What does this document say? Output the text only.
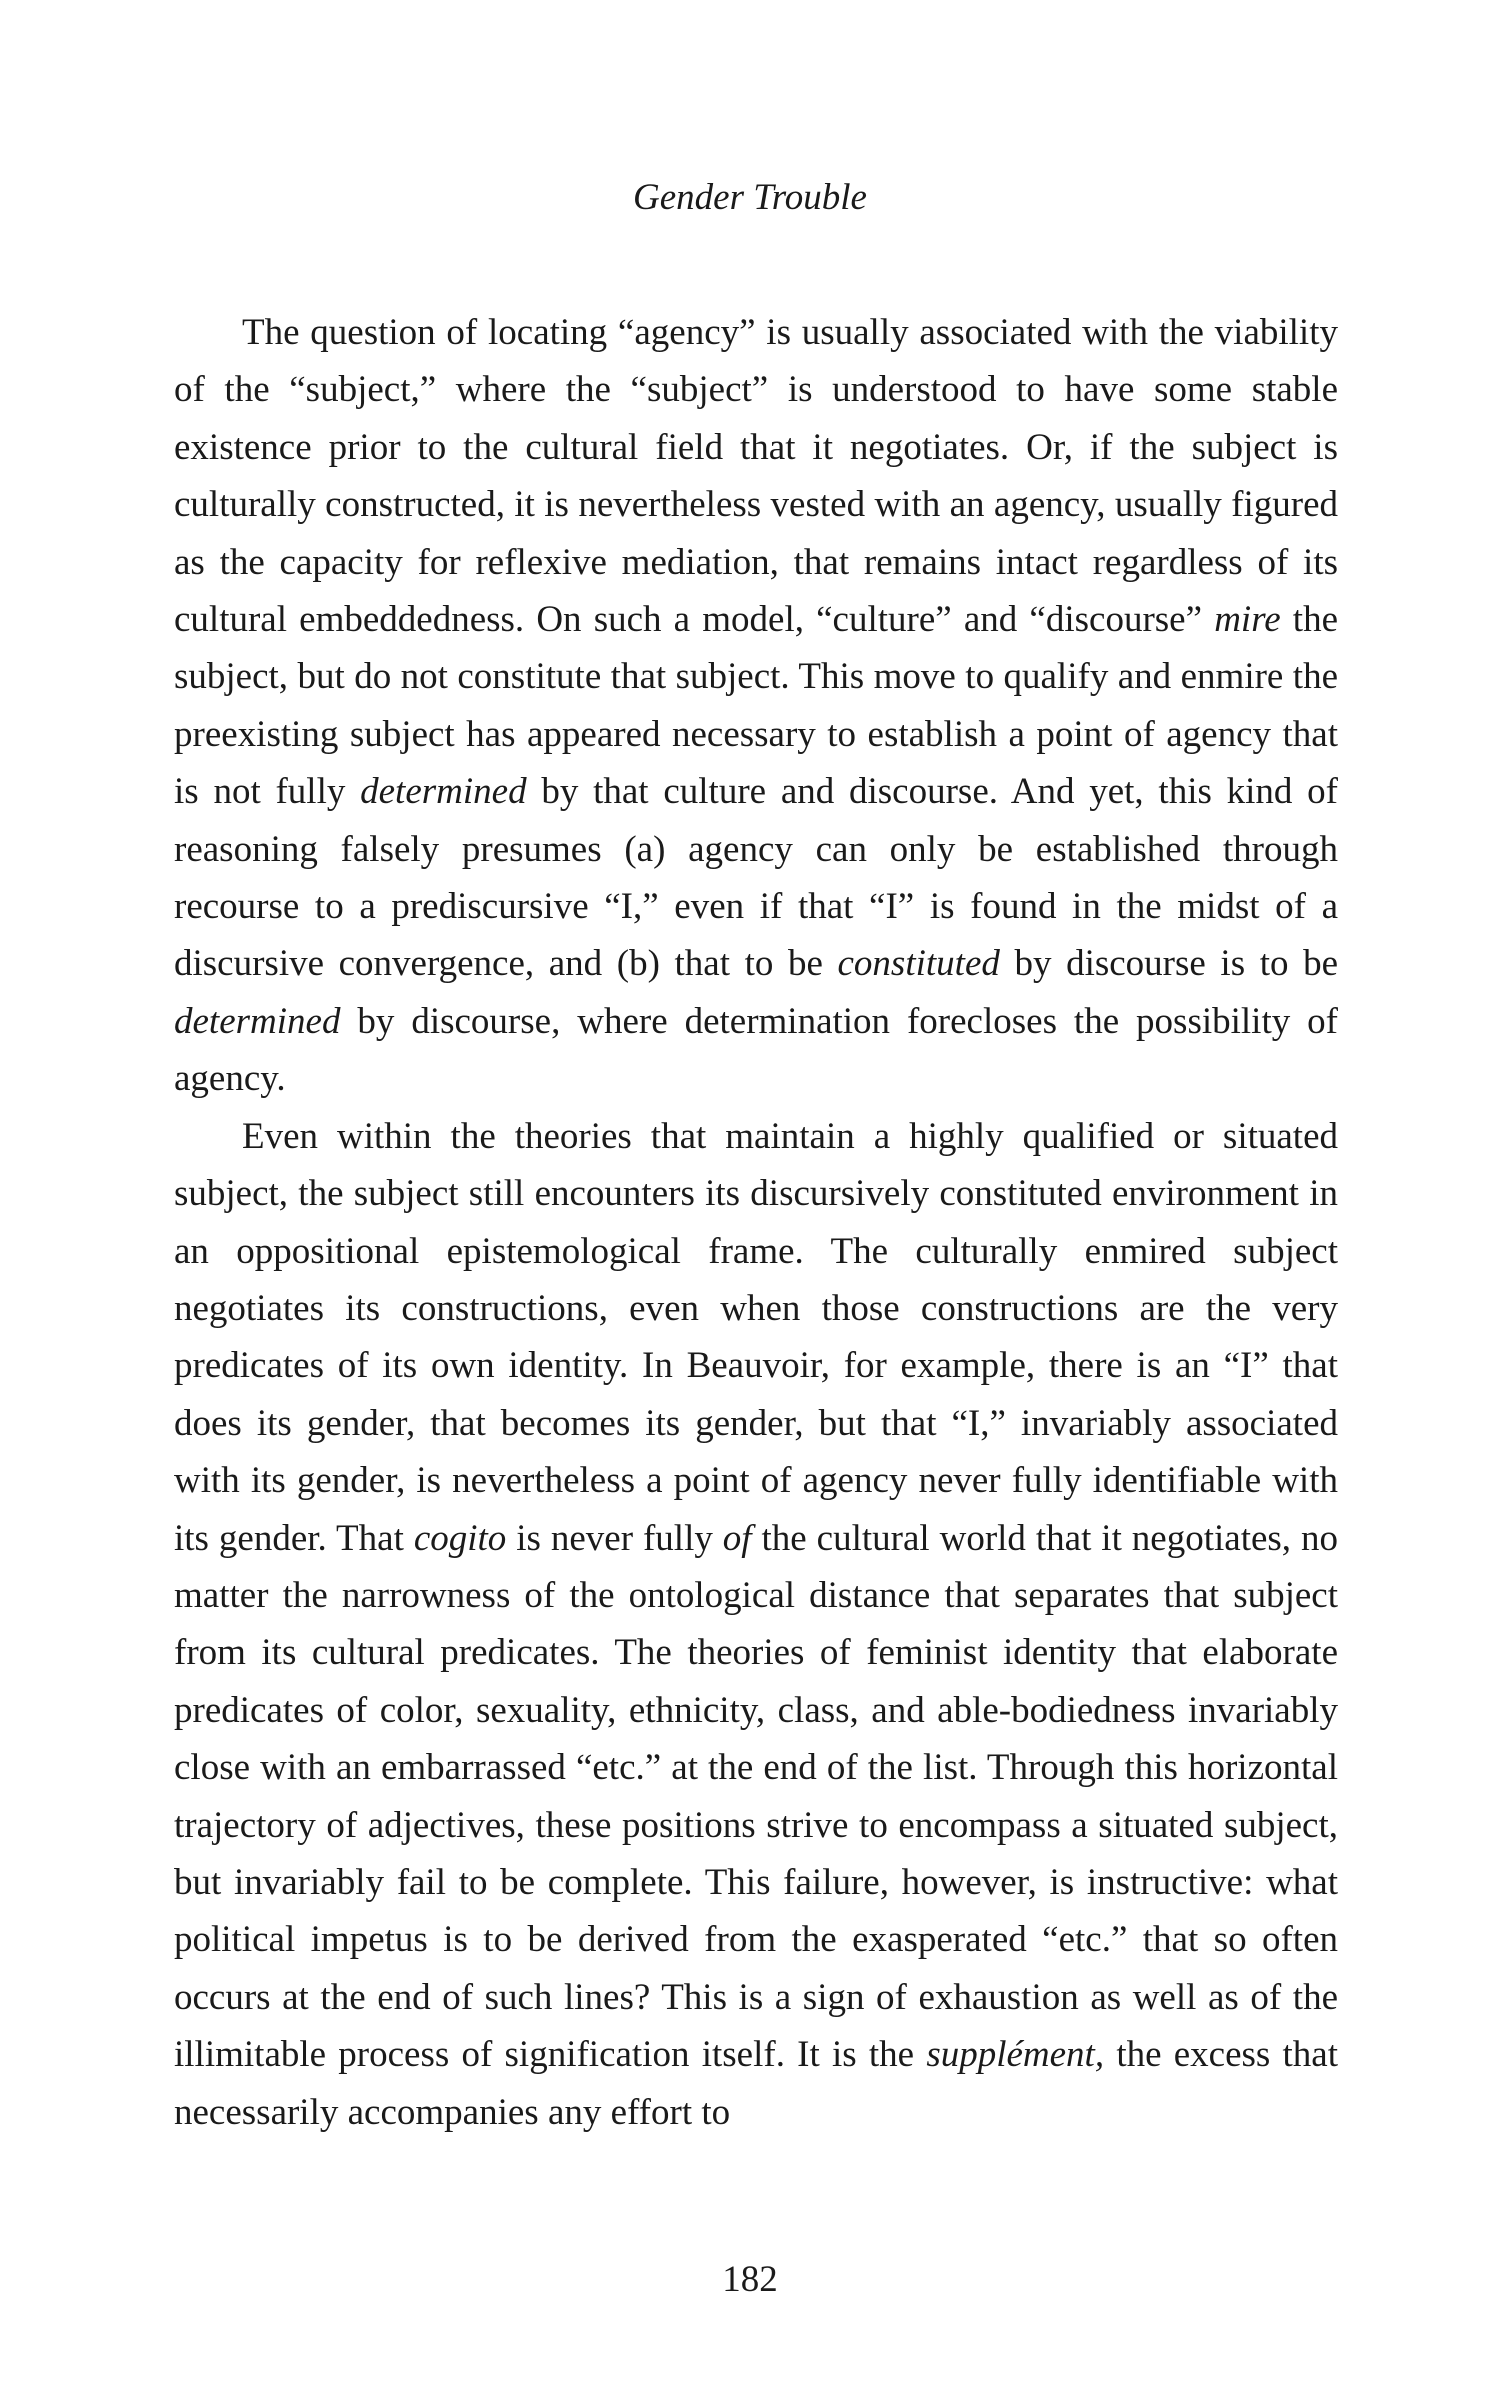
Gender Trouble

The question of locating “agency” is usually associated with the viability of the “subject,” where the “subject” is understood to have some stable existence prior to the cultural field that it negotiates. Or, if the subject is culturally constructed, it is nevertheless vested with an agency, usually figured as the capacity for reflexive mediation, that remains intact regardless of its cultural embeddedness. On such a model, “culture” and “discourse” mire the subject, but do not constitute that subject. This move to qualify and enmire the preexisting subject has appeared necessary to establish a point of agency that is not fully determined by that culture and discourse. And yet, this kind of reasoning falsely presumes (a) agency can only be established through recourse to a prediscursive “I,” even if that “I” is found in the midst of a discursive convergence, and (b) that to be constituted by discourse is to be determined by discourse, where determination forecloses the possibility of agency.

Even within the theories that maintain a highly qualified or situated subject, the subject still encounters its discursively constituted environment in an oppositional epistemological frame. The culturally enmired subject negotiates its constructions, even when those constructions are the very predicates of its own identity. In Beauvoir, for example, there is an “I” that does its gender, that becomes its gender, but that “I,” invariably associated with its gender, is nevertheless a point of agency never fully identifiable with its gender. That cogito is never fully of the cultural world that it negotiates, no matter the narrowness of the ontological distance that separates that subject from its cultural predicates. The theories of feminist identity that elaborate predicates of color, sexuality, ethnicity, class, and able-bodiedness invariably close with an embarrassed “etc.” at the end of the list. Through this horizontal trajectory of adjectives, these positions strive to encompass a situated subject, but invariably fail to be complete. This failure, however, is instructive: what political impetus is to be derived from the exasperated “etc.” that so often occurs at the end of such lines? This is a sign of exhaustion as well as of the illimitable process of signification itself. It is the supplément, the excess that necessarily accompanies any effort to

182
